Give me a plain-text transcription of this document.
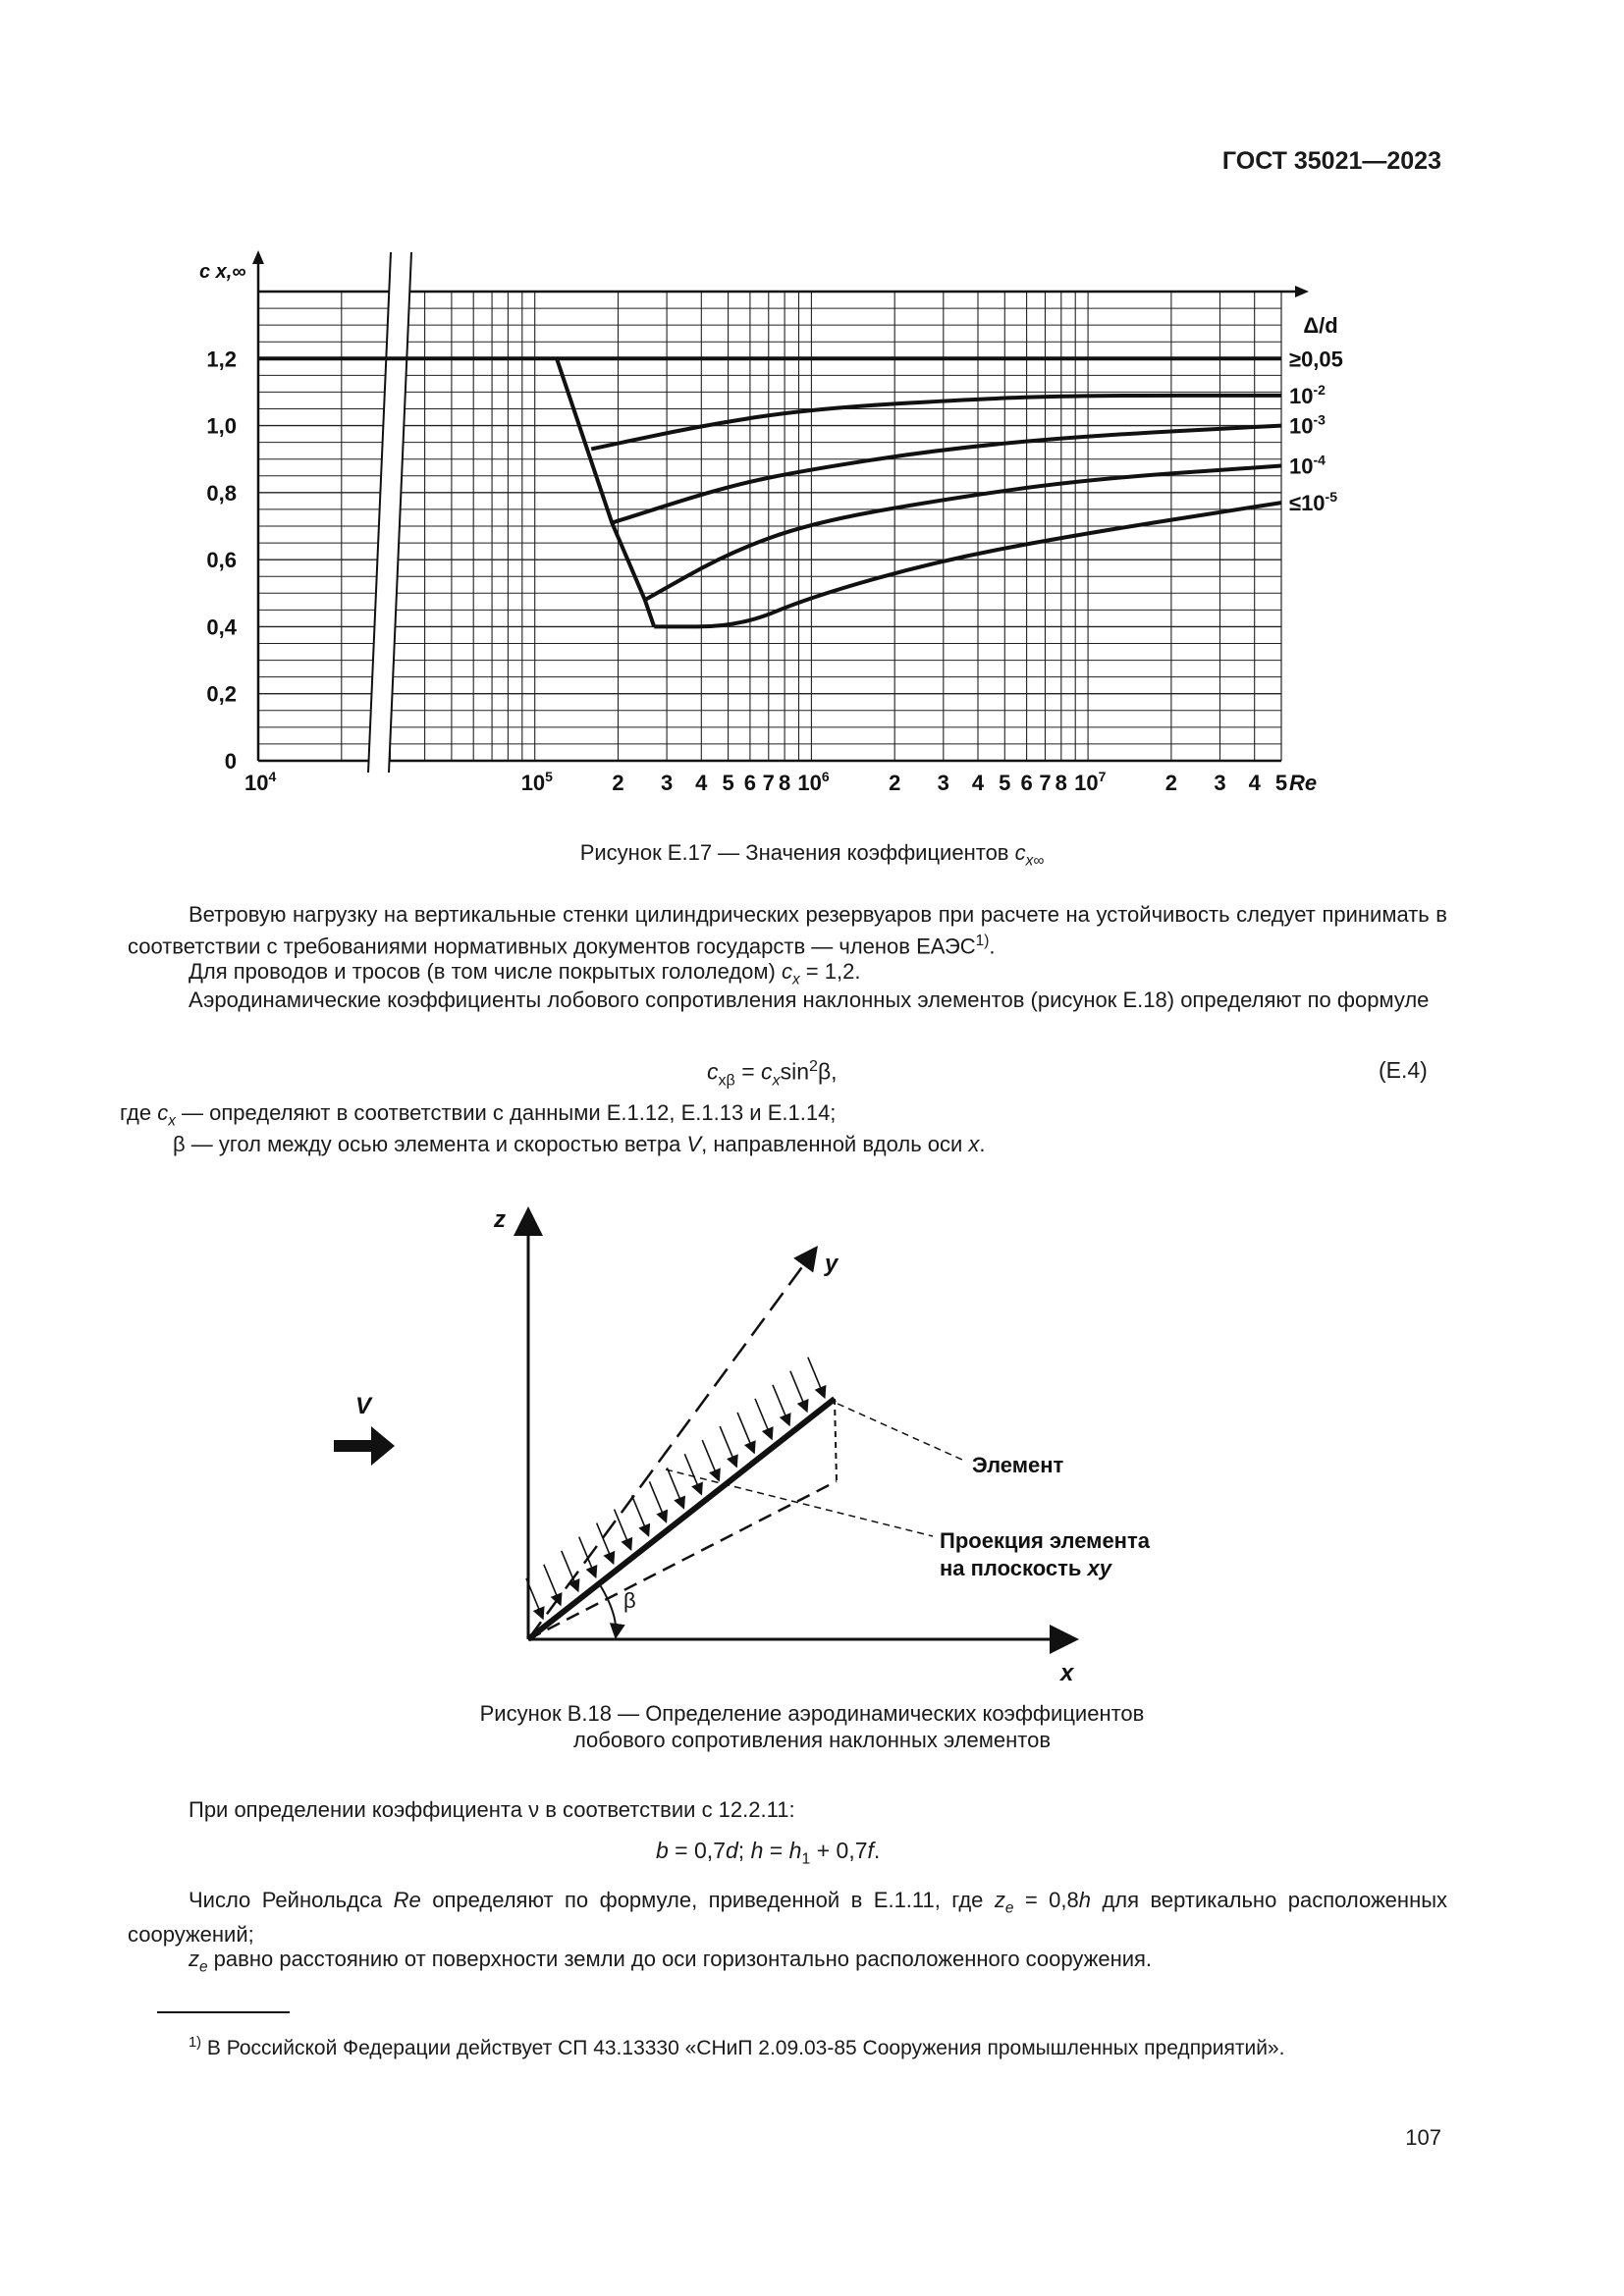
ГОСТ 35021—2023
0
0,2
0,4
0,6
0,8
1,0
1,2
c x,∞
$10^4$	$10^5$	2 3 4 5 6 7 8 $10^6$	2 3 4 5 6 7 8 $10^7$	2 3 4 5 Re
Δ/d
≥0,05
$10^{-2}$
$10^{-3}$
$10^{-4}$
$\le 10^{-5}$
Рисунок Е.17 — Значения коэффициентов $c_{x\infty}$
Ветровую нагрузку на вертикальные стенки цилиндрических резервуаров при расчете на устойчивость следует принимать в соответствии с требованиями нормативных документов государств — членов ЕАЭС$^{1)}$.
Для проводов и тросов (в том числе покрытых гололедом) $c_x = 1,2$.
Аэродинамические коэффициенты лобового сопротивления наклонных элементов (рисунок Е.18) определяют по формуле
$c_{x\beta} = c_x\sin^2\beta$,	(Е.4)
где $c_x$ — определяют в соответствии с данными Е.1.12, Е.1.13 и Е.1.14;
β — угол между осью элемента и скоростью ветра V, направленной вдоль оси x.
z
x
y
β
V
Элемент
Проекция элемента
на плоскость xy
Рисунок В.18 — Определение аэродинамических коэффициентов
лобового сопротивления наклонных элементов
При определении коэффициента ν в соответствии с 12.2.11:
b = 0,7d; $h = h_1 + 0,7f$.
Число Рейнольдса Re определяют по формуле, приведенной в Е.1.11, где $z_e = 0,8h$ для вертикально расположенных сооружений;
$z_e$ равно расстоянию от поверхности земли до оси горизонтально расположенного сооружения.
$^{1)}$ В Российской Федерации действует СП 43.13330 «СНиП 2.09.03-85 Сооружения промышленных предприятий».
107
